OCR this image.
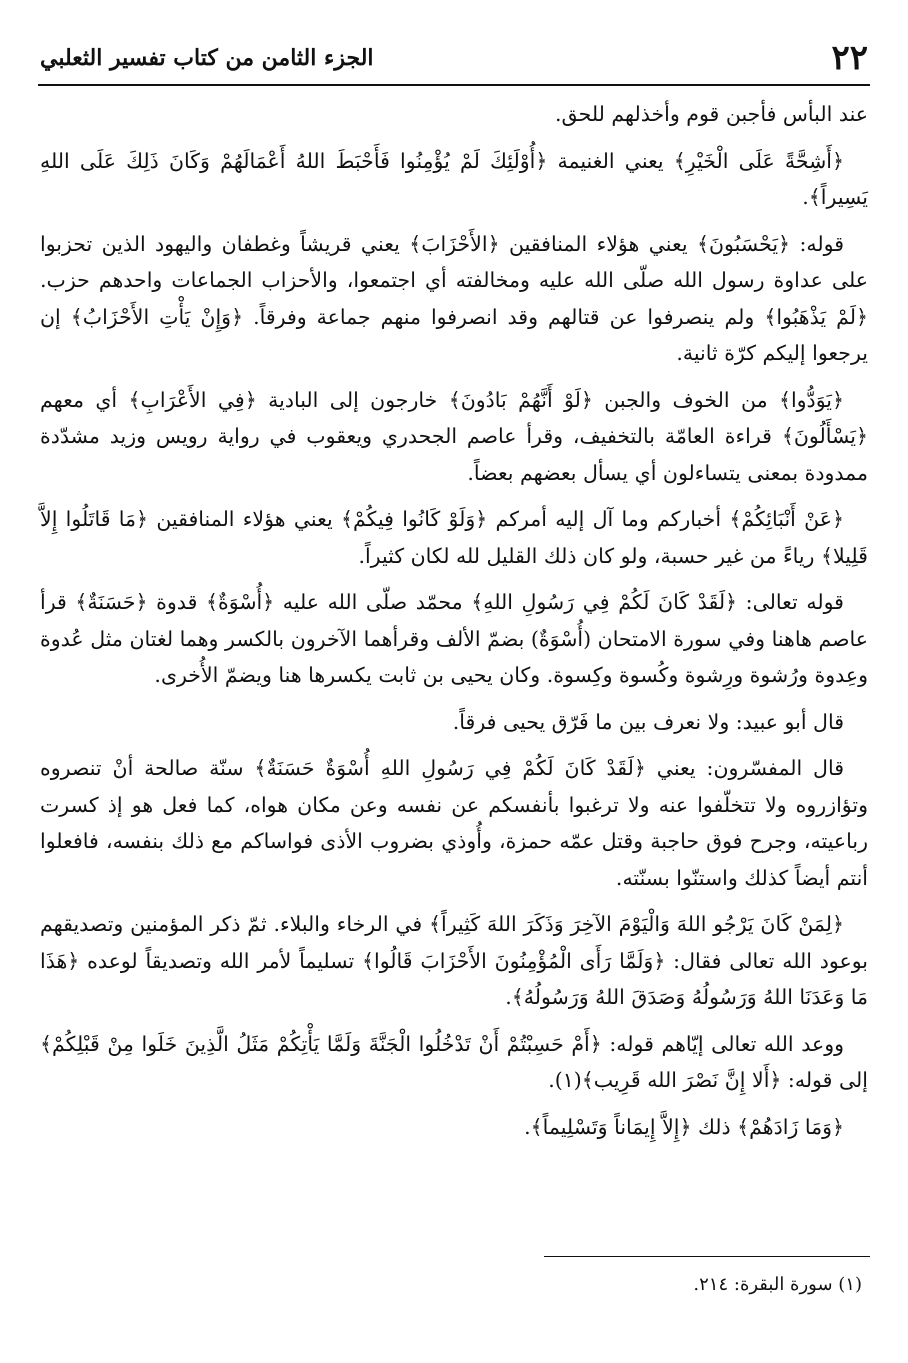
٢٢
الجزء الثامن من كتاب تفسير الثعلبي

عند البأس فأجبن قوم وأخذلهم للحق.

﴿أَشِحَّةً عَلَى الْخَيْرِ﴾ يعني الغنيمة ﴿أُوْلَئِكَ لَمْ يُؤْمِنُوا فَأَحْبَطَ اللهُ أَعْمَالَهُمْ وَكَانَ ذَلِكَ عَلَى اللهِ يَسِيراً﴾.

قوله: ﴿يَحْسَبُونَ﴾ يعني هؤلاء المنافقين ﴿الأَحْزَابَ﴾ يعني قريشاً وغطفان واليهود الذين تحزبوا على عداوة رسول الله صلّى الله عليه ومخالفته أي اجتمعوا، والأحزاب الجماعات واحدهم حزب. ﴿لَمْ يَذْهَبُوا﴾ ولم ينصرفوا عن قتالهم وقد انصرفوا منهم جماعة وفرقاً. ﴿وَإِنْ يَأْتِ الأَحْزَابُ﴾ إن يرجعوا إليكم كرّة ثانية.

﴿يَوَدُّوا﴾ من الخوف والجبن ﴿لَوْ أَنَّهُمْ بَادُونَ﴾ خارجون إلى البادية ﴿فِي الأَعْرَابِ﴾ أي معهم ﴿يَسْأَلُونَ﴾ قراءة العامّة بالتخفيف، وقرأ عاصم الجحدري ويعقوب في رواية رويس وزيد مشدّدة ممدودة بمعنى يتساءلون أي يسأل بعضهم بعضاً.

﴿عَنْ أَنْبَائِكُمْ﴾ أخباركم وما آل إليه أمركم ﴿وَلَوْ كَانُوا فِيكُمْ﴾ يعني هؤلاء المنافقين ﴿مَا قَاتَلُوا إِلاَّ قَلِيلا﴾ رياءً من غير حسبة، ولو كان ذلك القليل لله لكان كثيراً.

قوله تعالى: ﴿لَقَدْ كَانَ لَكُمْ فِي رَسُولِ اللهِ﴾ محمّد صلّى الله عليه ﴿أُسْوَةٌ﴾ قدوة ﴿حَسَنَةٌ﴾ قرأ عاصم هاهنا وفي سورة الامتحان (أُسْوَةٌ) بضمّ الألف وقرأهما الآخرون بالكسر وهما لغتان مثل عُدوة وعِدوة ورُشوة ورِشوة وكُسوة وكِسوة. وكان يحيى بن ثابت يكسرها هنا ويضمّ الأُخرى.

قال أبو عبيد: ولا نعرف بين ما فَرّق يحيى فرقاً.

قال المفسّرون: يعني ﴿لَقَدْ كَانَ لَكُمْ فِي رَسُولِ اللهِ أُسْوَةٌ حَسَنَةٌ﴾ سنّة صالحة أنْ تنصروه وتؤازروه ولا تتخلّفوا عنه ولا ترغبوا بأنفسكم عن نفسه وعن مكان هواه، كما فعل هو إذ كسرت رباعيته، وجرح فوق حاجبة وقتل عمّه حمزة، وأُوذي بضروب الأذى فواساكم مع ذلك بنفسه، فافعلوا أنتم أيضاً كذلك واستنّوا بسنّته.

﴿لِمَنْ كَانَ يَرْجُو اللهَ وَالْيَوْمَ الآخِرَ وَذَكَرَ اللهَ كَثِيراً﴾ في الرخاء والبلاء. ثمّ ذكر المؤمنين وتصديقهم بوعود الله تعالى فقال: ﴿وَلَمَّا رَأَى الْمُؤْمِنُونَ الأَحْزَابَ قَالُوا﴾ تسليماً لأمر الله وتصديقاً لوعده ﴿هَذَا مَا وَعَدَنَا اللهُ وَرَسُولُهُ وَصَدَقَ اللهُ وَرَسُولُهُ﴾.

ووعد الله تعالى إيّاهم قوله: ﴿أَمْ حَسِبْتُمْ أَنْ تَدْخُلُوا الْجَنَّةَ وَلَمَّا يَأْتِكُمْ مَثَلُ الَّذِينَ خَلَوا مِنْ قَبْلِكُمْ﴾ إلى قوله: ﴿أَلا إِنَّ نَصْرَ الله قَرِيب﴾(١).

﴿وَمَا زَادَهُمْ﴾ ذلك ﴿إِلاَّ إِيمَاناً وَتَسْلِيماً﴾.

(١) سورة البقرة: ٢١٤.
